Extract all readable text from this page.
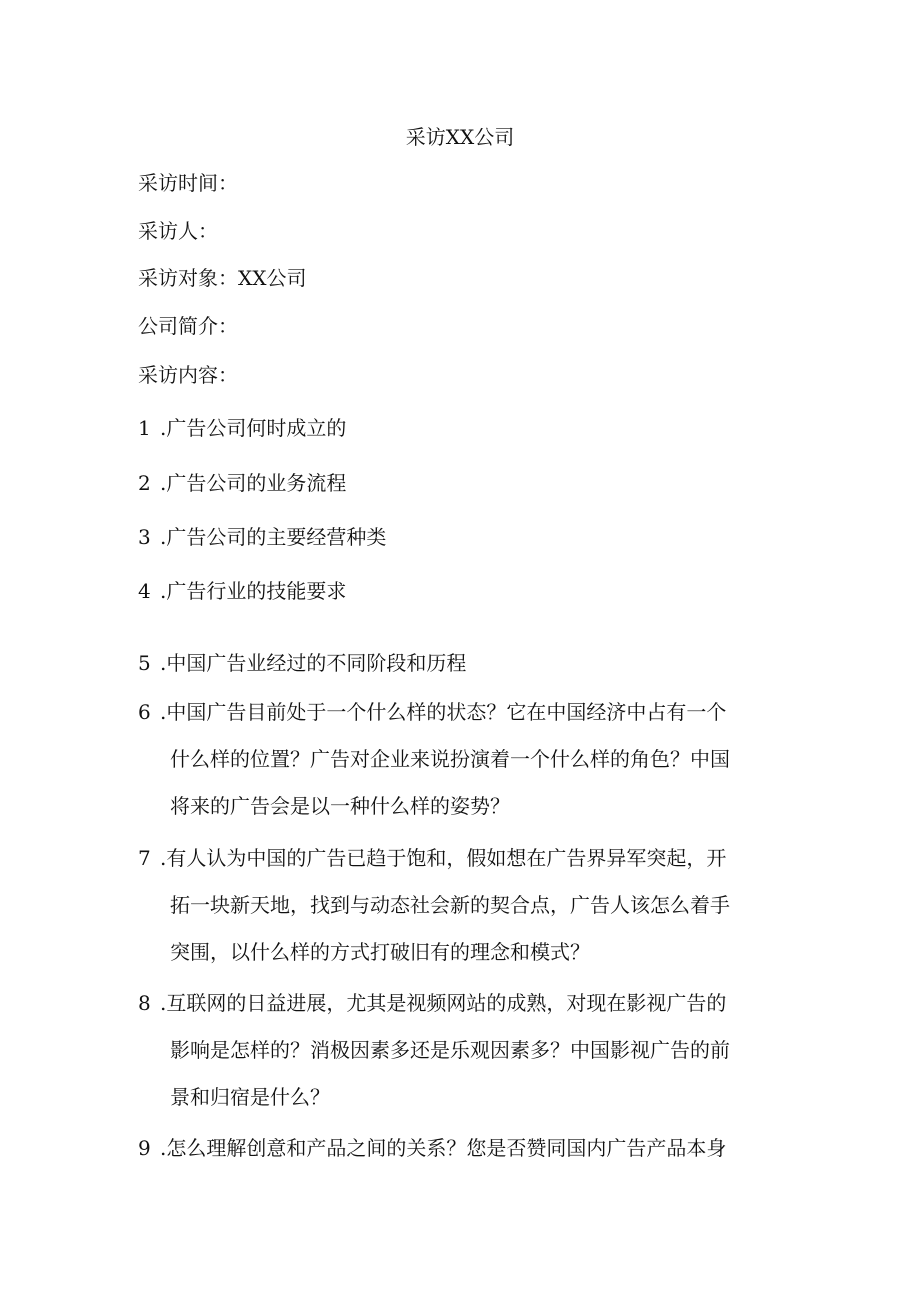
采访XX公司
采访时间：
采访人：
采访对象：XX公司
公司简介：
采访内容：
1 .广告公司何时成立的
2 .广告公司的业务流程
3 .广告公司的主要经营种类
4 .广告行业的技能要求
5 .中国广告业经过的不同阶段和历程
6 .中国广告目前处于一个什么样的状态？它在中国经济中占有一个
什么样的位置？广告对企业来说扮演着一个什么样的角色？中国
将来的广告会是以一种什么样的姿势？
7 .有人认为中国的广告已趋于饱和，假如想在广告界异军突起，开
拓一块新天地，找到与动态社会新的契合点，广告人该怎么着手
突围，以什么样的方式打破旧有的理念和模式？
8 .互联网的日益进展，尤其是视频网站的成熟，对现在影视广告的
影响是怎样的？消极因素多还是乐观因素多？中国影视广告的前
景和归宿是什么？
9 .怎么理解创意和产品之间的关系？您是否赞同国内广告产品本身
